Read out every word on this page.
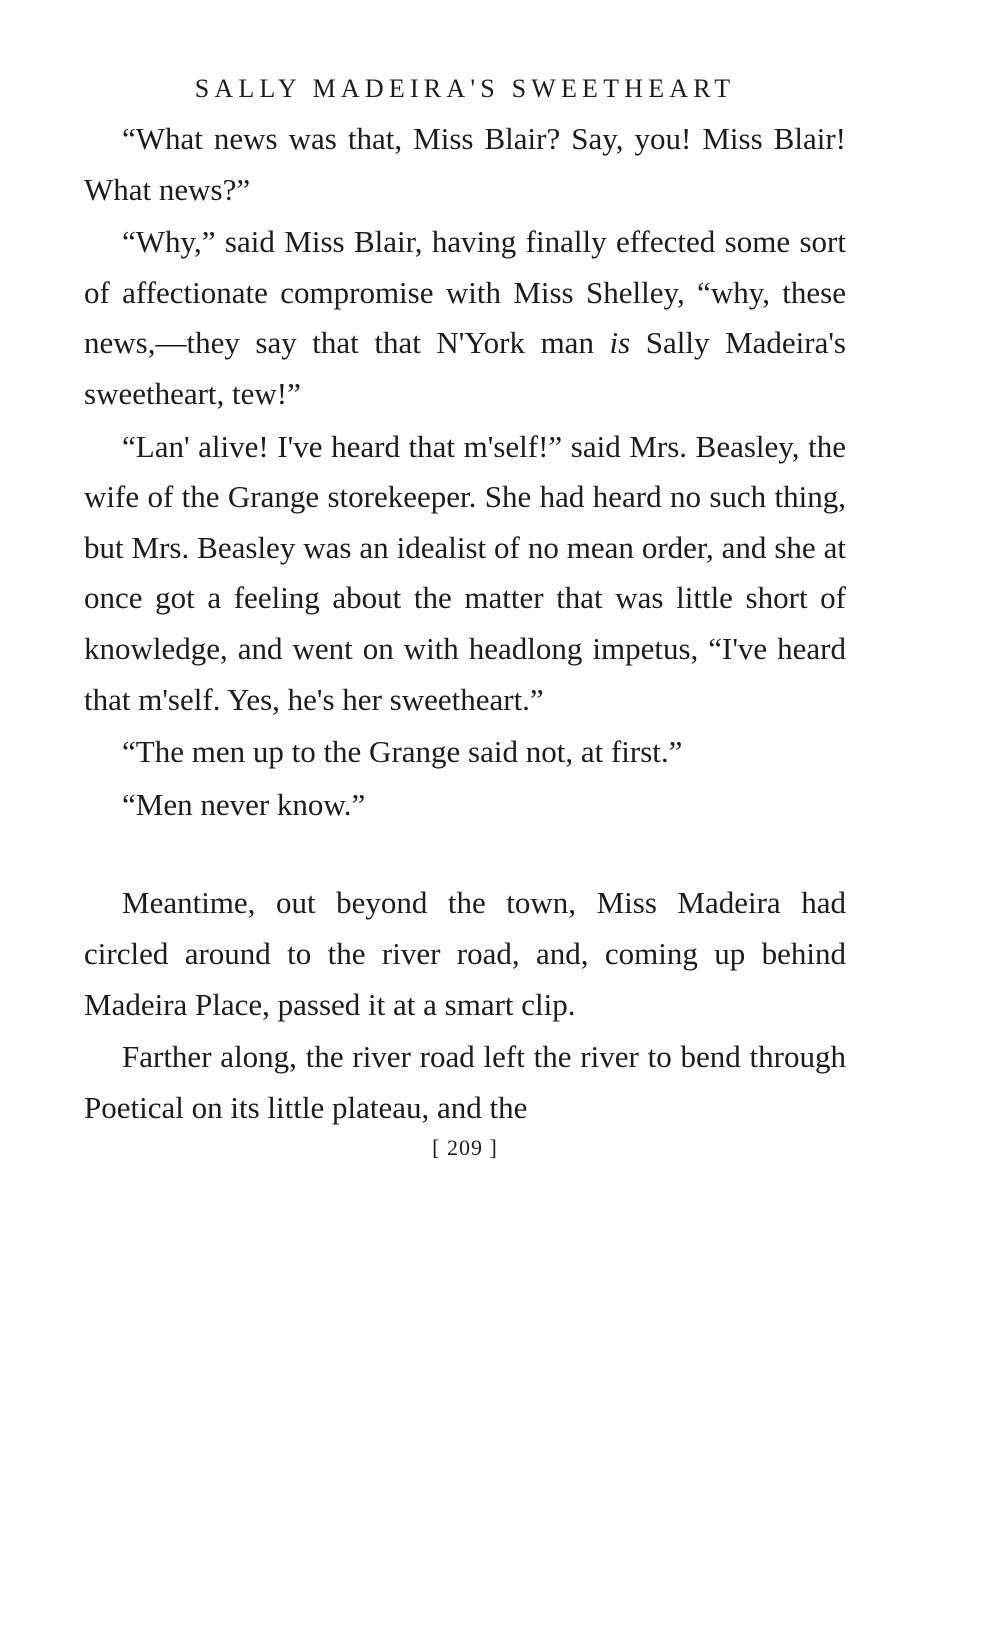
SALLY MADEIRA'S SWEETHEART

“What news was that, Miss Blair? Say, you! Miss Blair! What news?”

“Why,” said Miss Blair, having finally effected some sort of affectionate compromise with Miss Shelley, “why, these news,—they say that that N'York man is Sally Madeira's sweetheart, tew!”

“Lan' alive! I've heard that m'self!” said Mrs. Beasley, the wife of the Grange storekeeper. She had heard no such thing, but Mrs. Beasley was an idealist of no mean order, and she at once got a feeling about the matter that was little short of knowledge, and went on with headlong impetus, “I've heard that m'self. Yes, he's her sweetheart.”

“The men up to the Grange said not, at first.”

“Men never know.”

Meantime, out beyond the town, Miss Madeira had circled around to the river road, and, coming up behind Madeira Place, passed it at a smart clip.

Farther along, the river road left the river to bend through Poetical on its little plateau, and the

[ 209 ]
